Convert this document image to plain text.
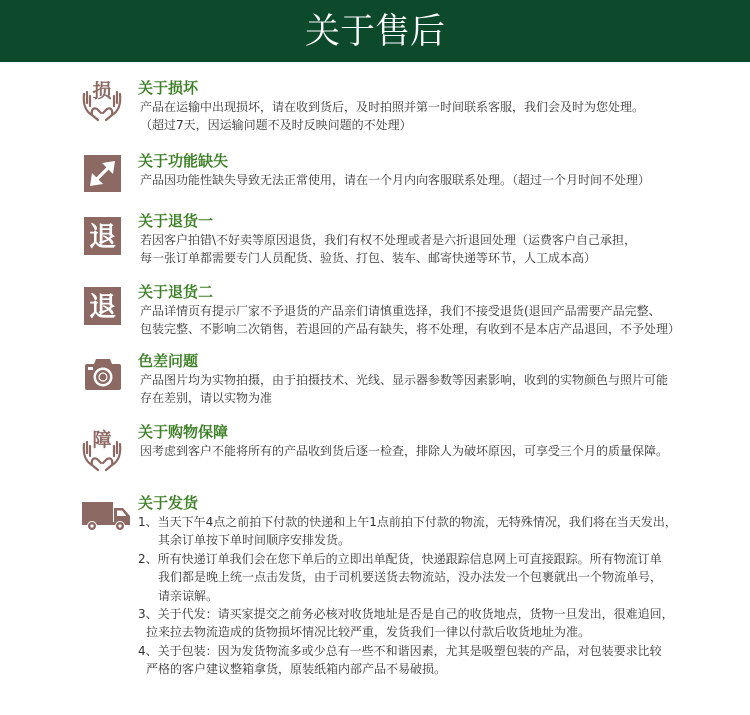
关于售后
损 关于损坏
产品在运输中出现损坏，请在收到货后，及时拍照并第一时间联系客服，我们会及时为您处理。
（超过7天，因运输问题不及时反映问题的不处理）
关于功能缺失
产品因功能性缺失导致无法正常使用，请在一个月内向客服联系处理。（超过一个月时间不处理）
退
关于退货一
若因客户拍错\不好卖等原因退货，我们有权不处理或者是六折退回处理（运费客户自己承担，
每一张订单都需要专门人员配货、验货、打包、装车、邮寄快递等环节，人工成本高）
退 关于退货二
产品详情页有提示厂家不予退货的产品亲们请慎重选择，我们不接受退货(退回产品需要产品完整、
包装完整、不影响二次销售，若退回的产品有缺失，将不处理，有收到不是本店产品退回，不予处理）
色差问题
产品图片均为实物拍摄，由于拍摄技术、光线、显示器参数等因素影响，收到的实物颜色与照片可能
存在差别，请以实物为准
障 关于购物保障
因考虑到客户不能将所有的产品收到货后逐一检查，排除人为破坏原因，可享受三个月的质量保障。
关于发货
1、当天下午4点之前拍下付款的快递和上午1点前拍下付款的物流，无特殊情况，我们将在当天发出，
其余订单按下单时间顺序安排发货。
2、所有快递订单我们会在您下单后的立即出单配货，快递跟踪信息网上可直接跟踪。所有物流订单
我们都是晚上统一点击发货，由于司机要送货去物流站，没办法发一个包裹就出一个物流单号，
请亲谅解。
3、关于代发：请买家提交之前务必核对收货地址是否是自己的收货地点，货物一旦发出，很难追回，
拉来拉去物流造成的货物损坏情况比较严重，发货我们一律以付款后收货地址为准。
4、关于包装：因为发货物流多或少总有一些不和谐因素，尤其是吸塑包装的产品，对包装要求比较
严格的客户建议整箱拿货，原装纸箱内部产品不易破损。
